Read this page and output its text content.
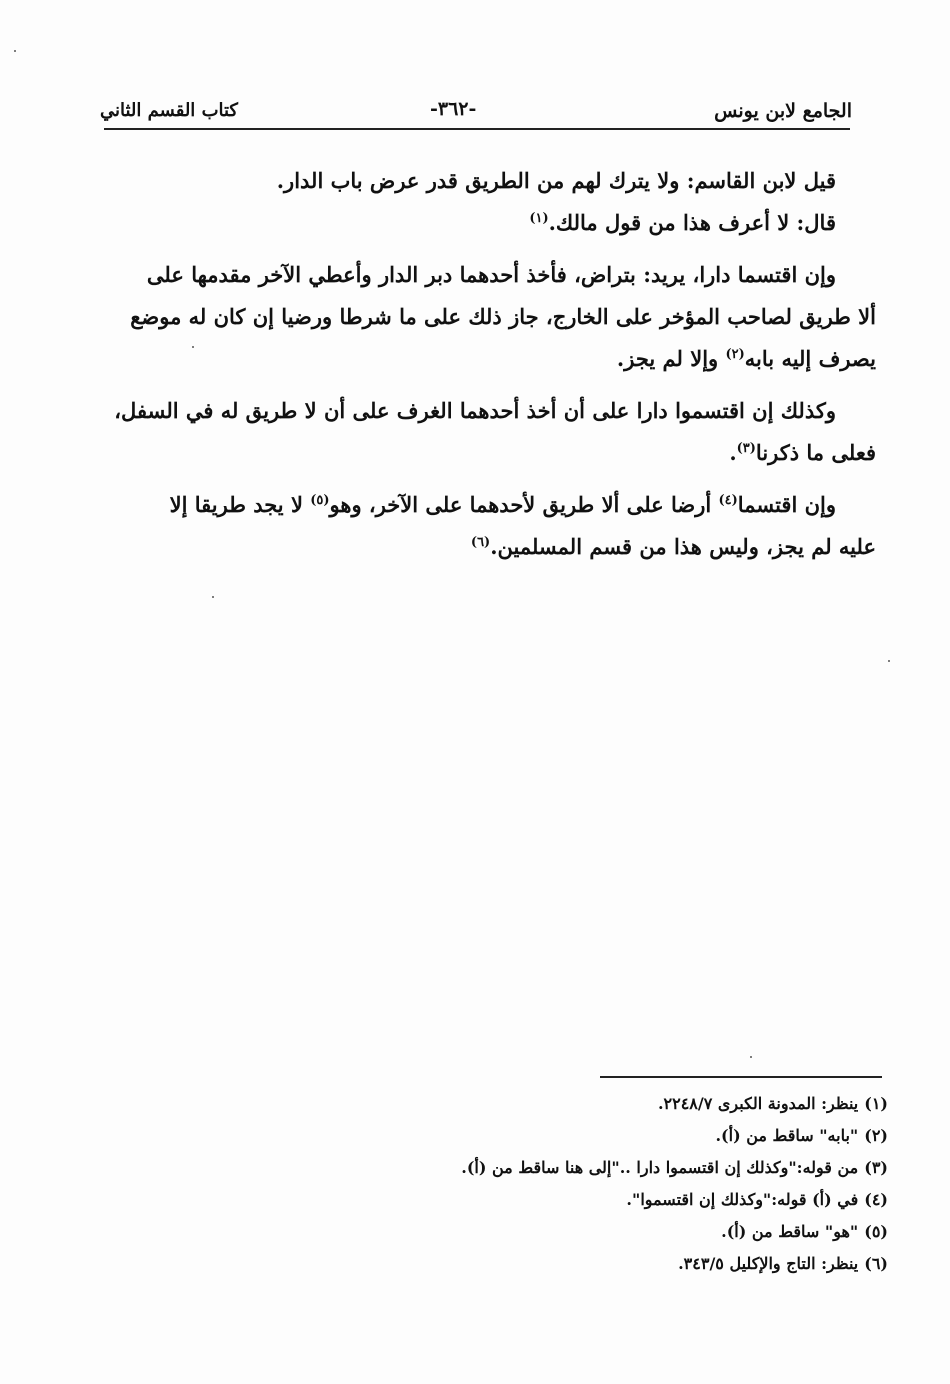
الجامع لابن يونس
-٣٦٢-
كتاب القسم الثاني
قيل لابن القاسم: ولا يترك لهم من الطريق قدر عرض باب الدار.
قال: لا أعرف هذا من قول مالك.$^{(١)}$
وإن اقتسما دارا، يريد: بتراض، فأخذ أحدهما دبر الدار وأعطي الآخر مقدمها على
ألا طريق لصاحب المؤخر على الخارج، جاز ذلك على ما شرطا ورضيا إن كان له موضع
يصرف إليه بابه$^{(٢)}$ وإلا لم يجز.
وكذلك إن اقتسموا دارا على أن أخذ أحدهما الغرف على أن لا طريق له في السفل،
فعلى ما ذكرنا$^{(٣)}$.
وإن اقتسما$^{(٤)}$ أرضا على ألا طريق لأحدهما على الآخر، وهو$^{(٥)}$ لا يجد طريقا إلا
عليه لم يجز، وليس هذا من قسم المسلمين.$^{(٦)}$
(١)ينظر: المدونة الكبرى ٢٢٤٨/٧.
(٢)"بابه" ساقط من (أ).
(٣)من قوله:"وكذلك إن اقتسموا دارا .."إلى هنا ساقط من (أ).
(٤)في (أ) قوله:"وكذلك إن اقتسموا".
(٥)"هو" ساقط من (أ).
(٦)ينظر: التاج والإكليل ٣٤٣/٥.
